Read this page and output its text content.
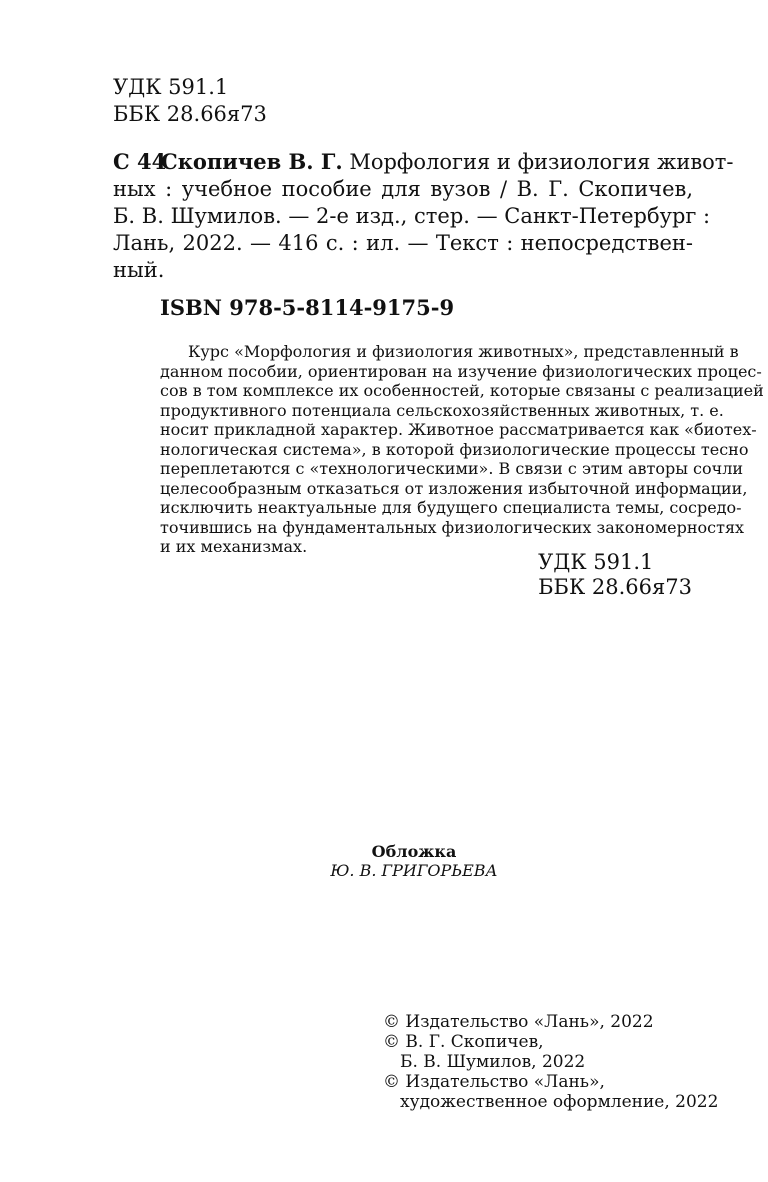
УДК 591.1
ББК 28.66я73
С 44
Скопичев В. Г. Морфология и физиология живот-
ных : учебное пособие для вузов / В. Г. Скопичев,
Б. В. Шумилов. — 2-е изд., стер. — Санкт-Петербург :
Лань, 2022. — 416 с. : ил. — Текст : непосредствен-
ный.
ISBN 978-5-8114-9175-9
Курс «Морфология и физиология животных», представленный в
данном пособии, ориентирован на изучение физиологических процес-
сов в том комплексе их особенностей, которые связаны с реализацией
продуктивного потенциала сельскохозяйственных животных, т. е.
носит прикладной характер. Животное рассматривается как «биотех-
нологическая система», в которой физиологические процессы тесно
переплетаются с «технологическими». В связи с этим авторы сочли
целесообразным отказаться от изложения избыточной информации,
исключить неактуальные для будущего специалиста темы, сосредо-
точившись на фундаментальных физиологических закономерностях
и их механизмах.
УДК 591.1
ББК 28.66я73
Обложка
Ю. В. ГРИГОРЬЕВА
© Издательство «Лань», 2022
© В. Г. Скопичев,
Б. В. Шумилов, 2022
© Издательство «Лань»,
художественное оформление, 2022
